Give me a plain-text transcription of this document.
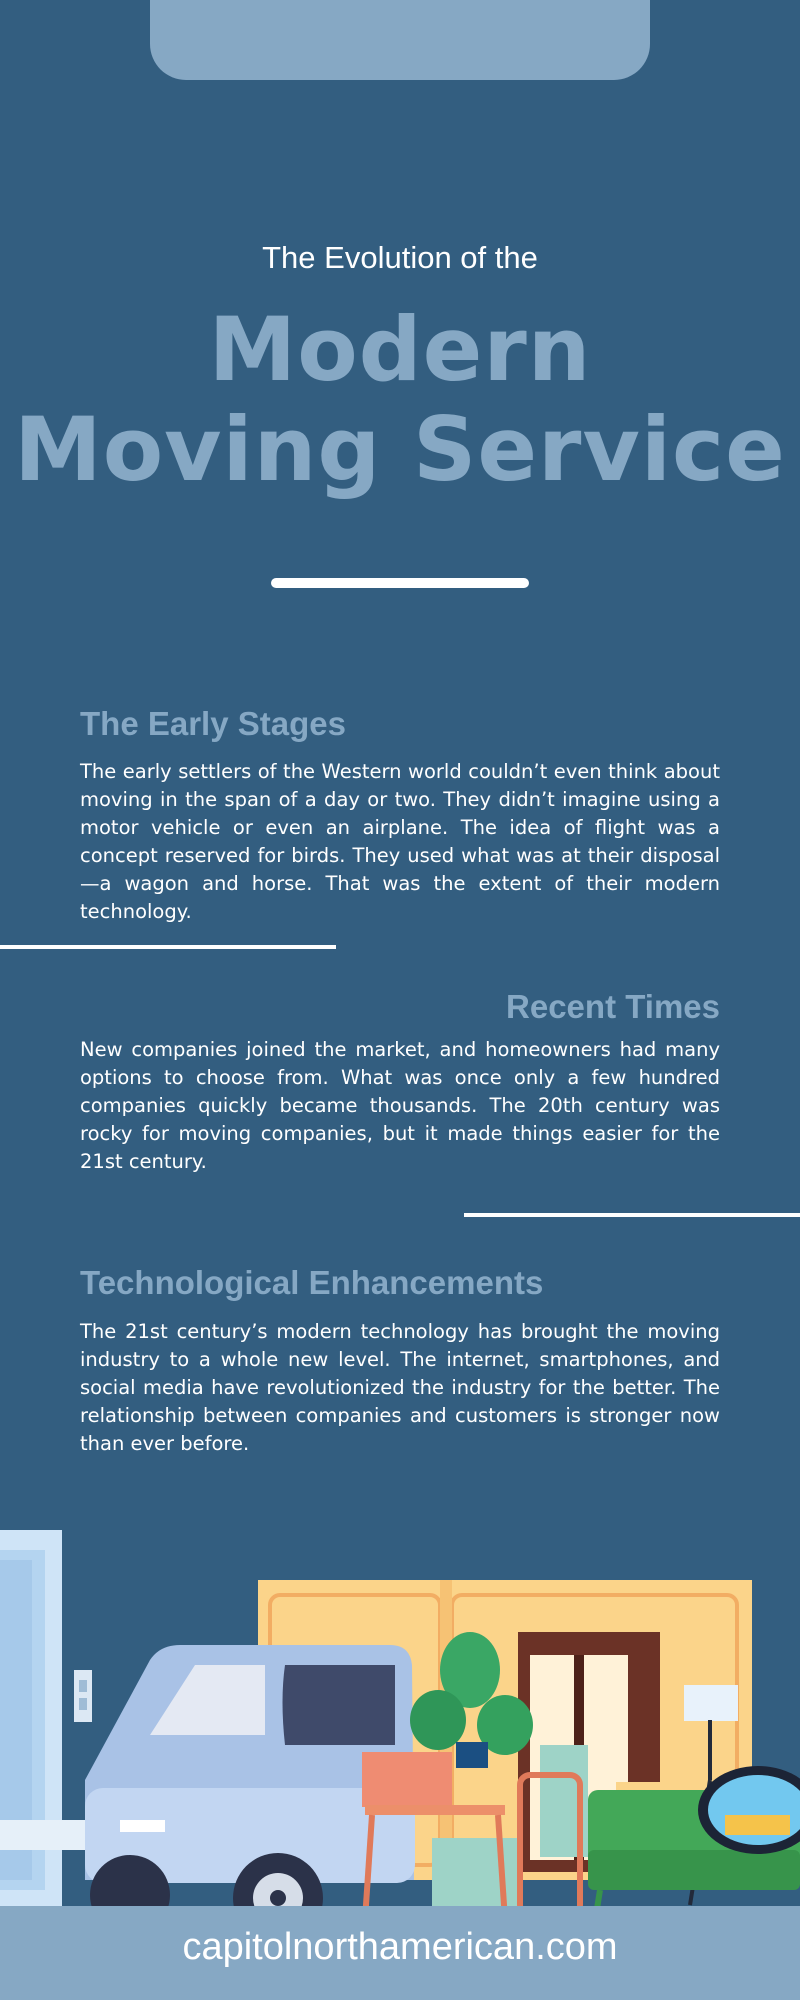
The Evolution of the
Modern
Moving Service
The Early Stages
The early settlers of the Western world couldn’t even think about moving in the span of a day or two. They didn’t imagine using a motor vehicle or even an airplane. The idea of flight was a concept reserved for birds. They used what was at their disposal—a wagon and horse. That was the extent of their modern technology.
Recent Times
New companies joined the market, and homeowners had many options to choose from. What was once only a few hundred companies quickly became thousands. The 20th century was rocky for moving companies, but it made things easier for the 21st century.
Technological Enhancements
The 21st century’s modern technology has brought the moving industry to a whole new level. The internet, smartphones, and social media have revolutionized the industry for the better. The relationship between companies and customers is stronger now than ever before.
capitolnorthamerican.com
